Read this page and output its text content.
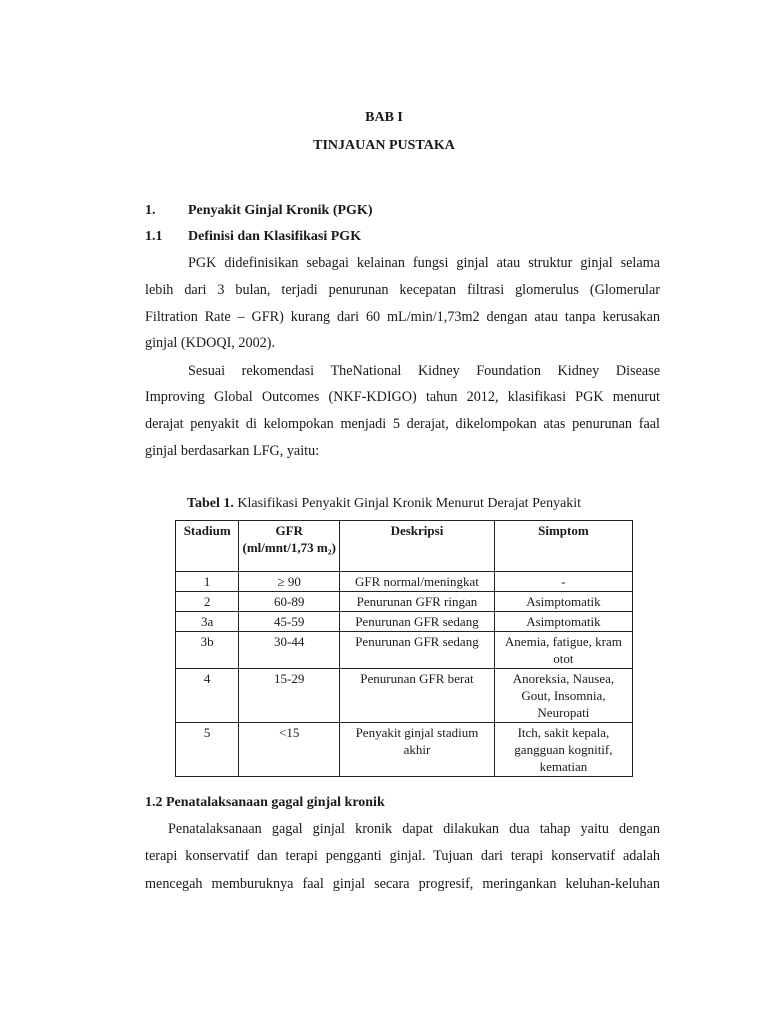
BAB I
TINJAUAN PUSTAKA
1. Penyakit Ginjal Kronik (PGK)
1.1 Definisi dan Klasifikasi PGK
PGK didefinisikan sebagai kelainan fungsi ginjal atau struktur ginjal selama
lebih dari 3 bulan, terjadi penurunan kecepatan filtrasi glomerulus (Glomerular
Filtration Rate – GFR) kurang dari 60 mL/min/1,73m2 dengan atau tanpa kerusakan
ginjal (KDOQI, 2002).
Sesuai rekomendasi TheNational Kidney Foundation Kidney Disease
Improving Global Outcomes (NKF-KDIGO) tahun 2012, klasifikasi PGK menurut
derajat penyakit di kelompokan menjadi 5 derajat, dikelompokan atas penurunan faal
ginjal berdasarkan LFG, yaitu:
Tabel 1. Klasifikasi Penyakit Ginjal Kronik Menurut Derajat Penyakit
Stadium	GFR (ml/mnt/1,73 m₂)	Deskripsi	Simptom
1	≥ 90	GFR normal/meningkat	-
2	60-89	Penurunan GFR ringan	Asimptomatik
3a	45-59	Penurunan GFR sedang	Asimptomatik
3b	30-44	Penurunan GFR sedang	Anemia, fatigue, kram otot
4	15-29	Penurunan GFR berat	Anoreksia, Nausea, Gout, Insomnia, Neuropati
5	<15	Penyakit ginjal stadium akhir	Itch, sakit kepala, gangguan kognitif, kematian
1.2 Penatalaksanaan gagal ginjal kronik
Penatalaksanaan gagal ginjal kronik dapat dilakukan dua tahap yaitu dengan
terapi konservatif dan terapi pengganti ginjal. Tujuan dari terapi konservatif adalah
mencegah memburuknya faal ginjal secara progresif, meringankan keluhan-keluhan
